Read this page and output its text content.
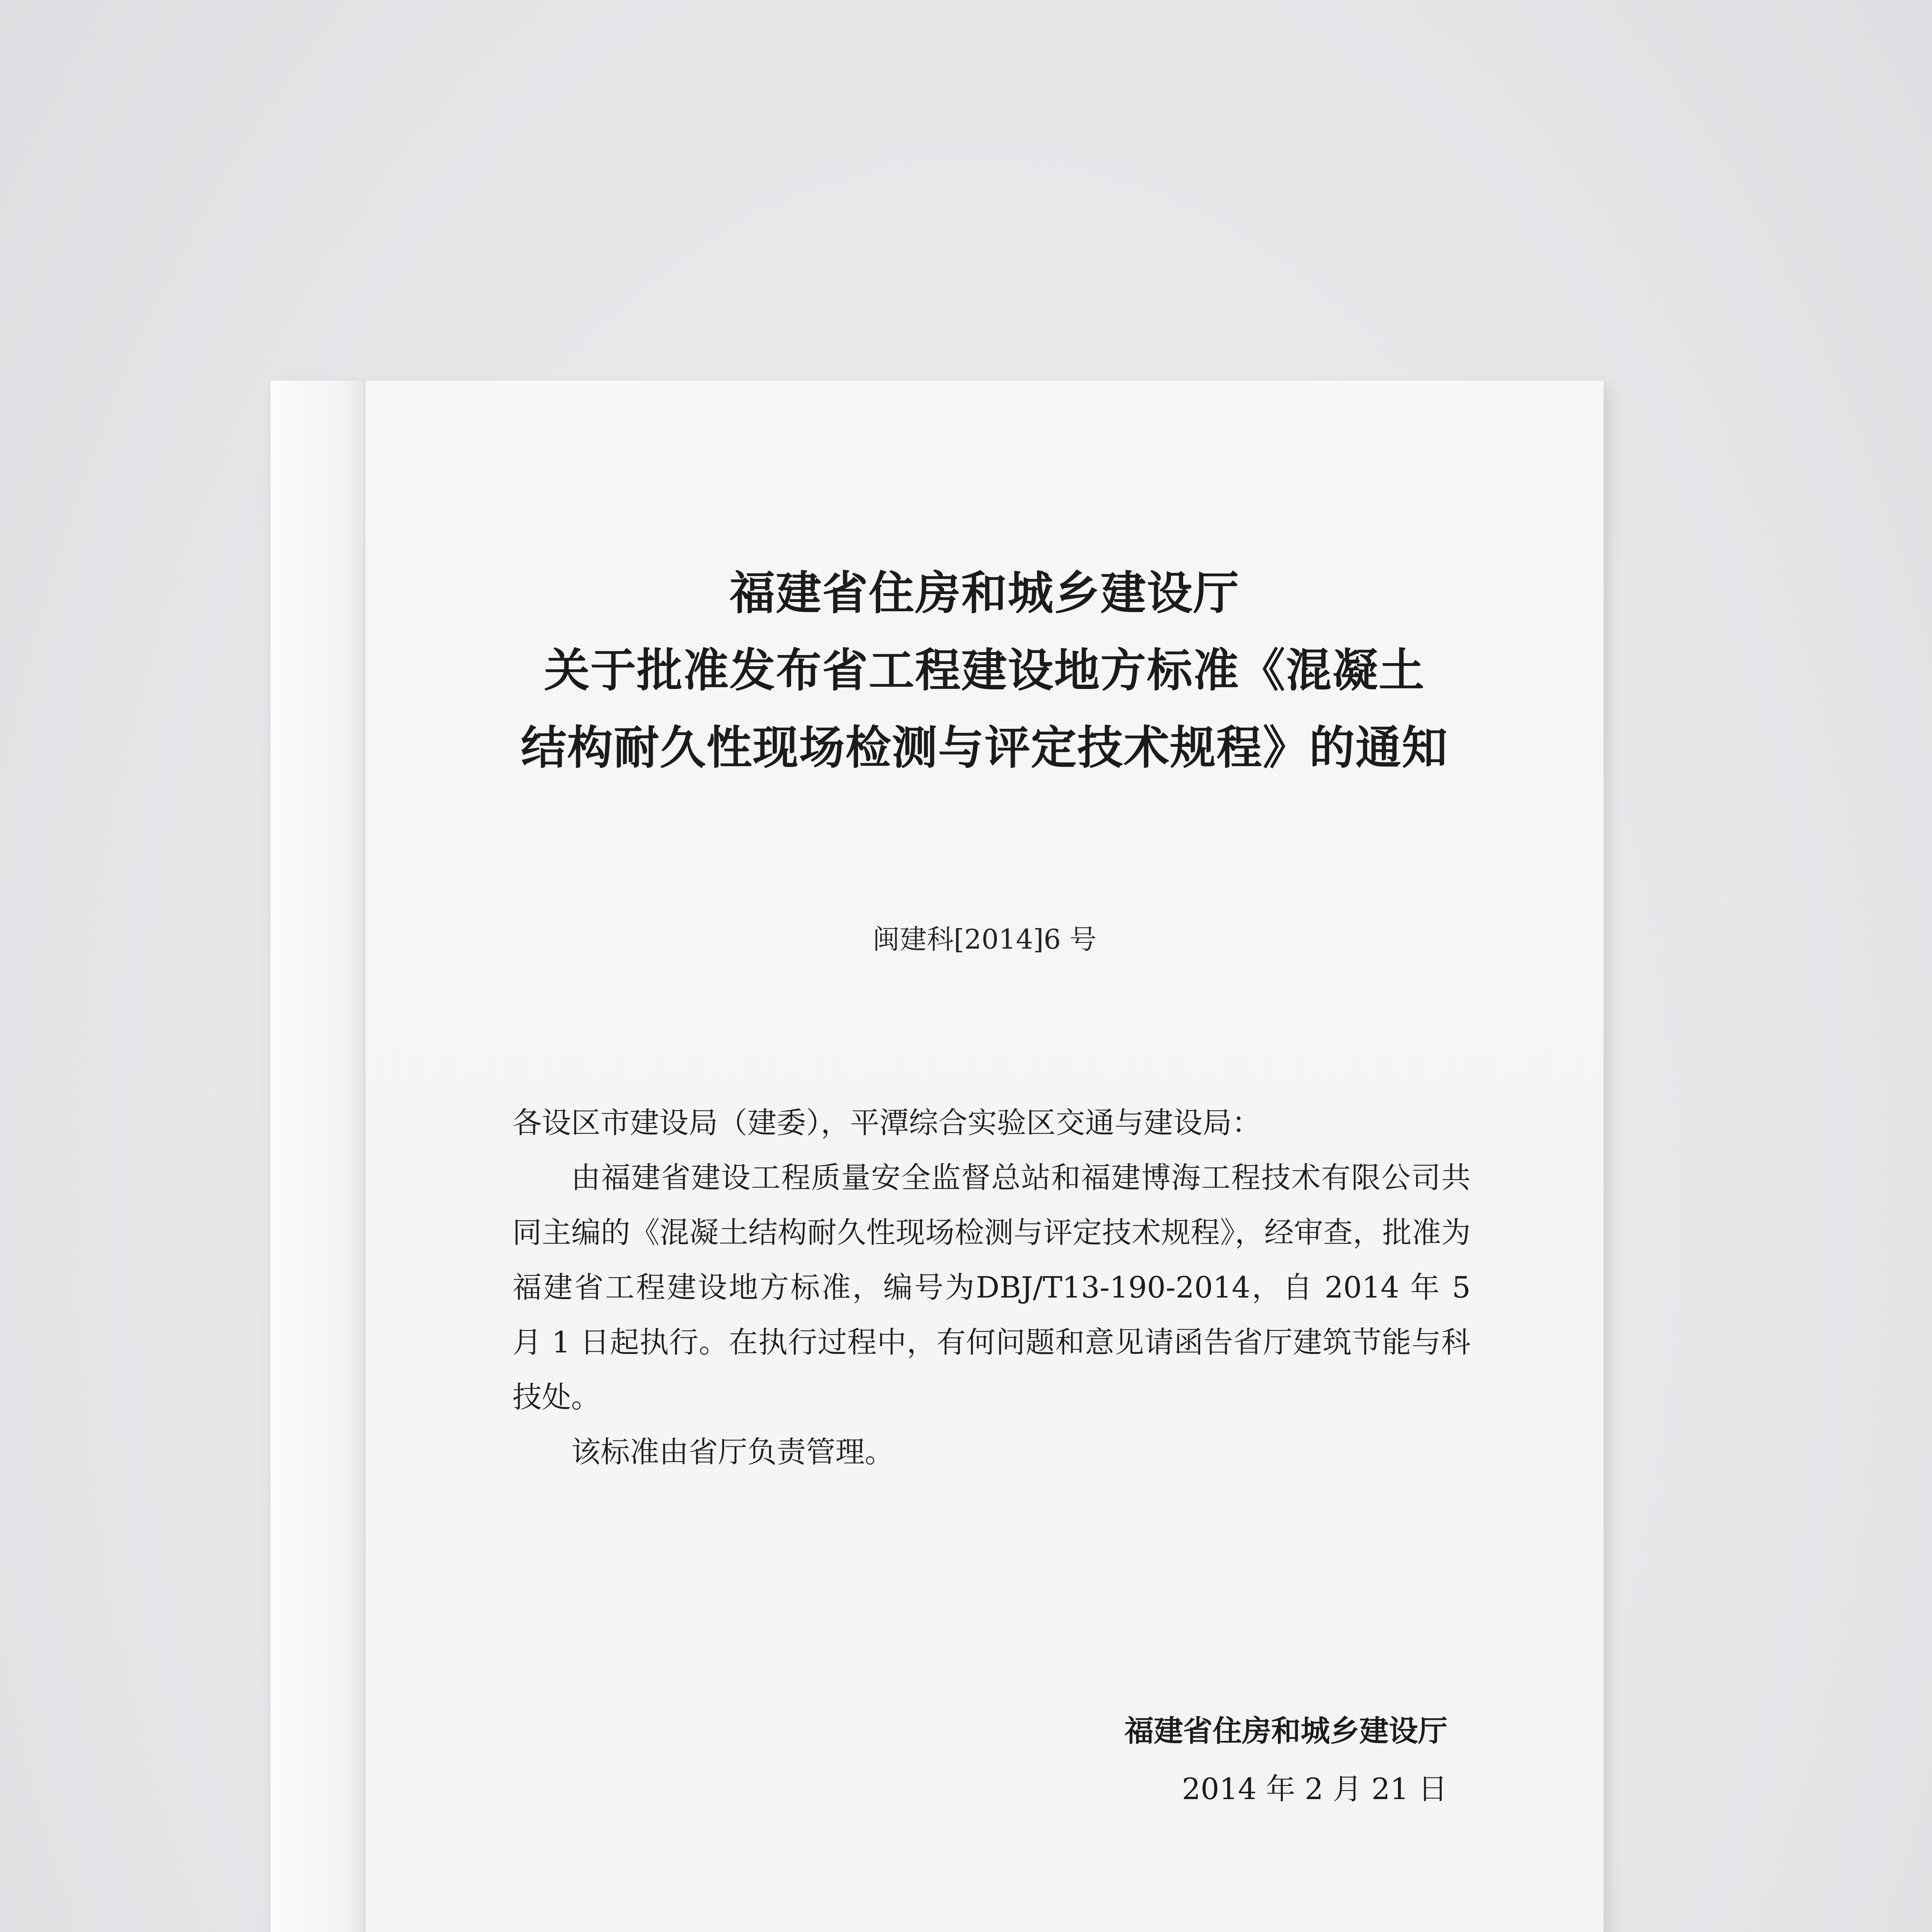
福建省住房和城乡建设厅
关于批准发布省工程建设地方标准《混凝土
结构耐久性现场检测与评定技术规程》的通知
闽建科[2014]6 号
各设区市建设局（建委），平潭综合实验区交通与建设局：
由福建省建设工程质量安全监督总站和福建博海工程技术有限公司共同主编的《混凝土结构耐久性现场检测与评定技术规程》，经审查，批准为福建省工程建设地方标准，编号为DBJ/T13-190-2014，自 2014 年 5 月 1 日起执行。在执行过程中，有何问题和意见请函告省厅建筑节能与科技处。
该标准由省厅负责管理。
福建省住房和城乡建设厅
2014 年 2 月 21 日
